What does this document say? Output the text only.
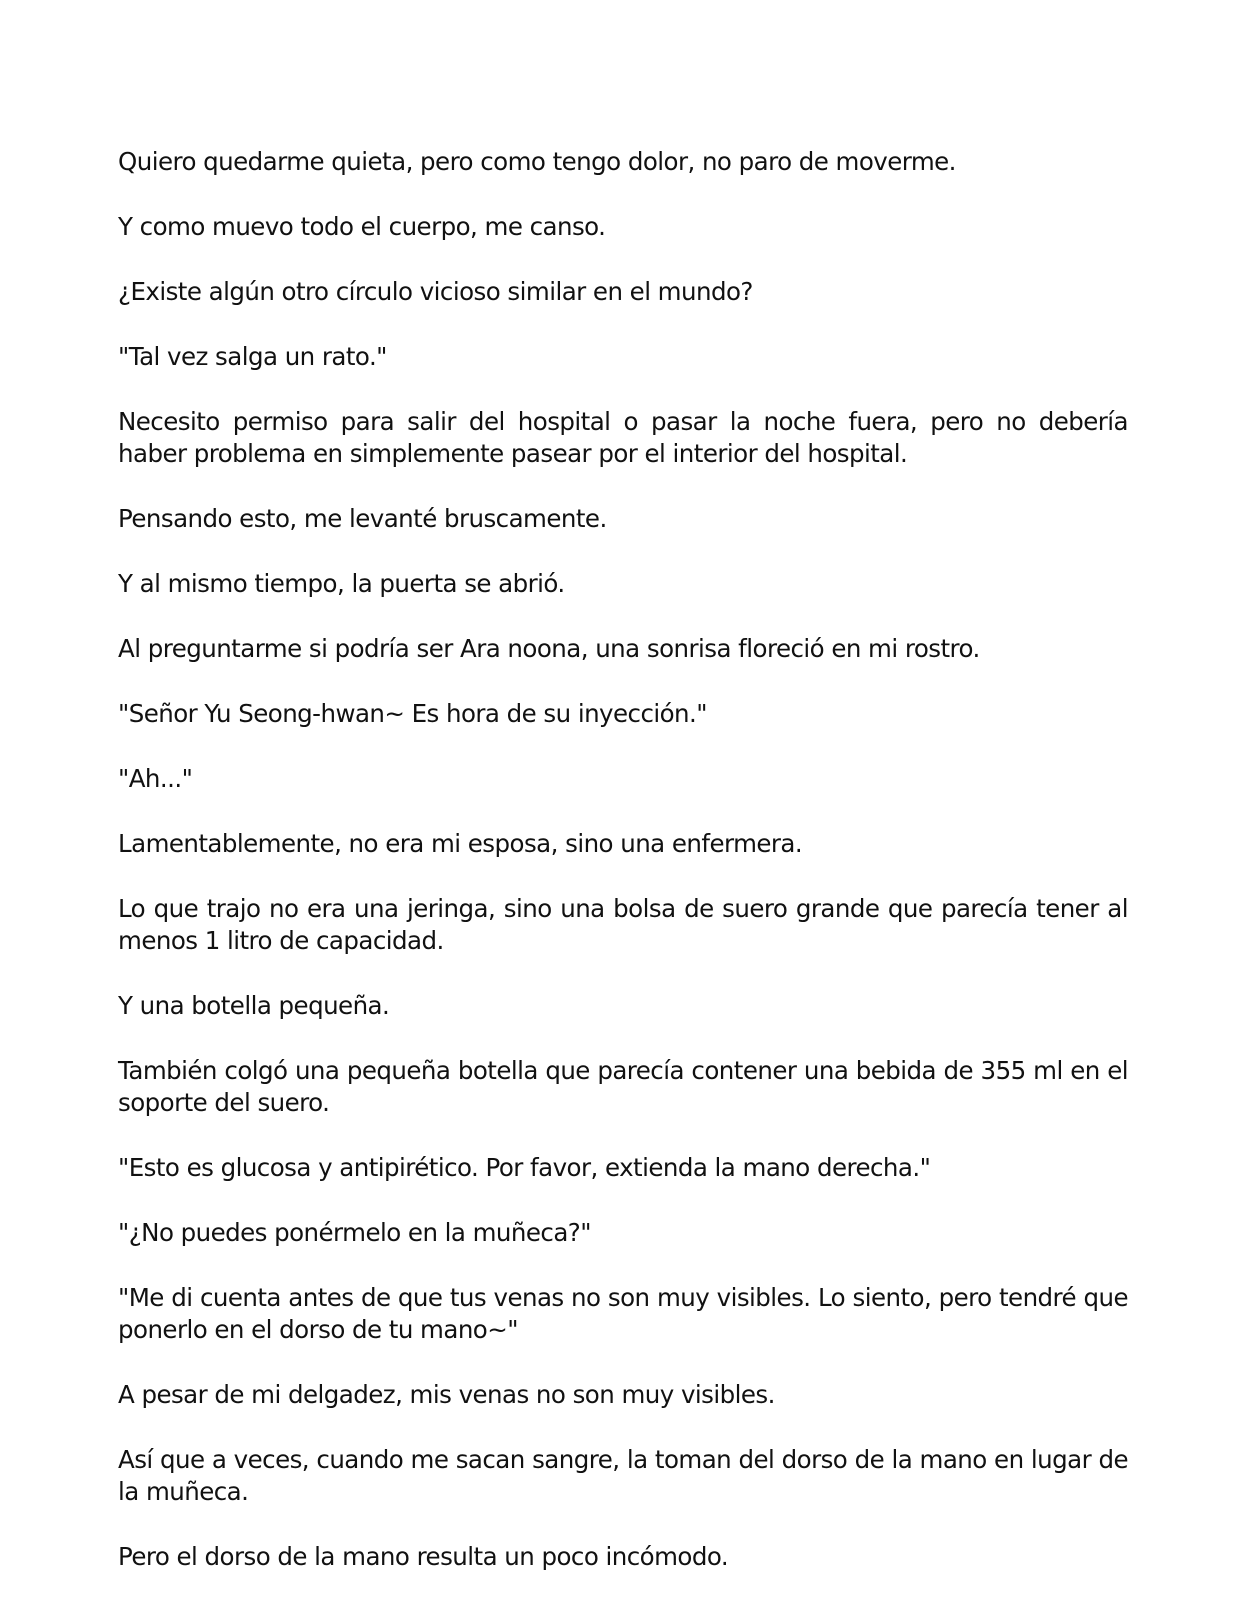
Quiero quedarme quieta, pero como tengo dolor, no paro de moverme.

Y como muevo todo el cuerpo, me canso.

¿Existe algún otro círculo vicioso similar en el mundo?

"Tal vez salga un rato."

Necesito permiso para salir del hospital o pasar la noche fuera, pero no debería haber problema en simplemente pasear por el interior del hospital.

Pensando esto, me levanté bruscamente.

Y al mismo tiempo, la puerta se abrió.

Al preguntarme si podría ser Ara noona, una sonrisa floreció en mi rostro.

"Señor Yu Seong-hwan~ Es hora de su inyección."

"Ah..."

Lamentablemente, no era mi esposa, sino una enfermera.

Lo que trajo no era una jeringa, sino una bolsa de suero grande que parecía tener al menos 1 litro de capacidad.

Y una botella pequeña.

También colgó una pequeña botella que parecía contener una bebida de 355 ml en el soporte del suero.

"Esto es glucosa y antipirético. Por favor, extienda la mano derecha."

"¿No puedes ponérmelo en la muñeca?"

"Me di cuenta antes de que tus venas no son muy visibles. Lo siento, pero tendré que ponerlo en el dorso de tu mano~"

A pesar de mi delgadez, mis venas no son muy visibles.

Así que a veces, cuando me sacan sangre, la toman del dorso de la mano en lugar de la muñeca.

Pero el dorso de la mano resulta un poco incómodo.
